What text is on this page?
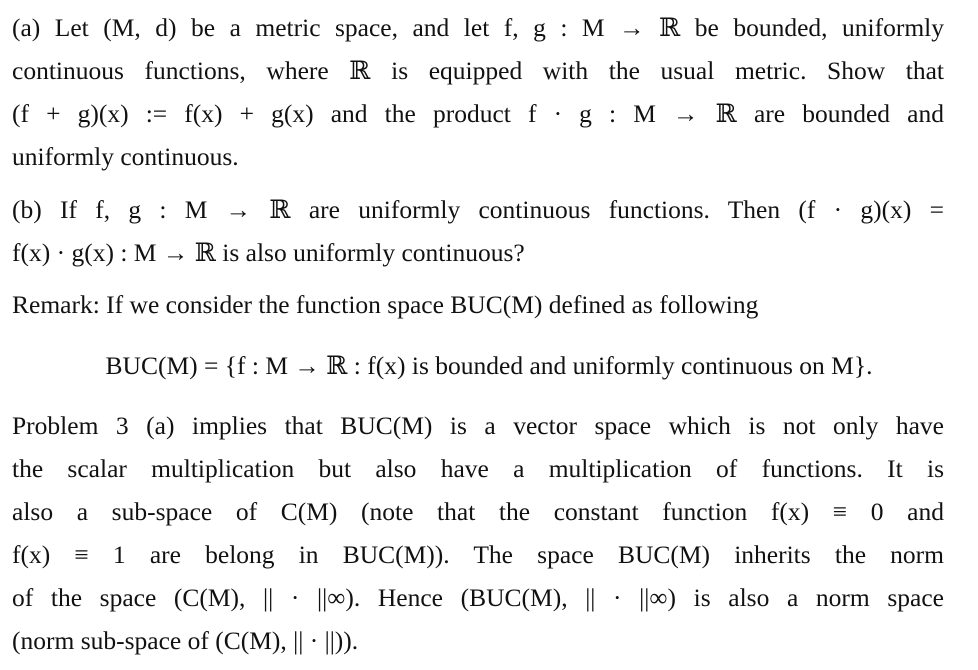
(a) Let (M, d) be a metric space, and let f, g : M → ℝ be bounded, uniformly
continuous functions, where ℝ is equipped with the usual metric. Show that
(f + g)(x) := f(x) + g(x) and the product f · g : M → ℝ are bounded and
uniformly continuous.
(b) If f, g : M → ℝ are uniformly continuous functions. Then (f · g)(x) =
f(x) · g(x) : M → ℝ is also uniformly continuous?
Remark: If we consider the function space BUC(M) defined as following
BUC(M) = {f : M → ℝ : f(x) is bounded and uniformly continuous on M}.
Problem 3 (a) implies that BUC(M) is a vector space which is not only have
the scalar multiplication but also have a multiplication of functions. It is
also a sub-space of C(M) (note that the constant function f(x) ≡ 0 and
f(x) ≡ 1 are belong in BUC(M)). The space BUC(M) inherits the norm
of the space (C(M), || · ||∞). Hence (BUC(M), || · ||∞) is also a norm space
(norm sub-space of (C(M), || · ||)).
